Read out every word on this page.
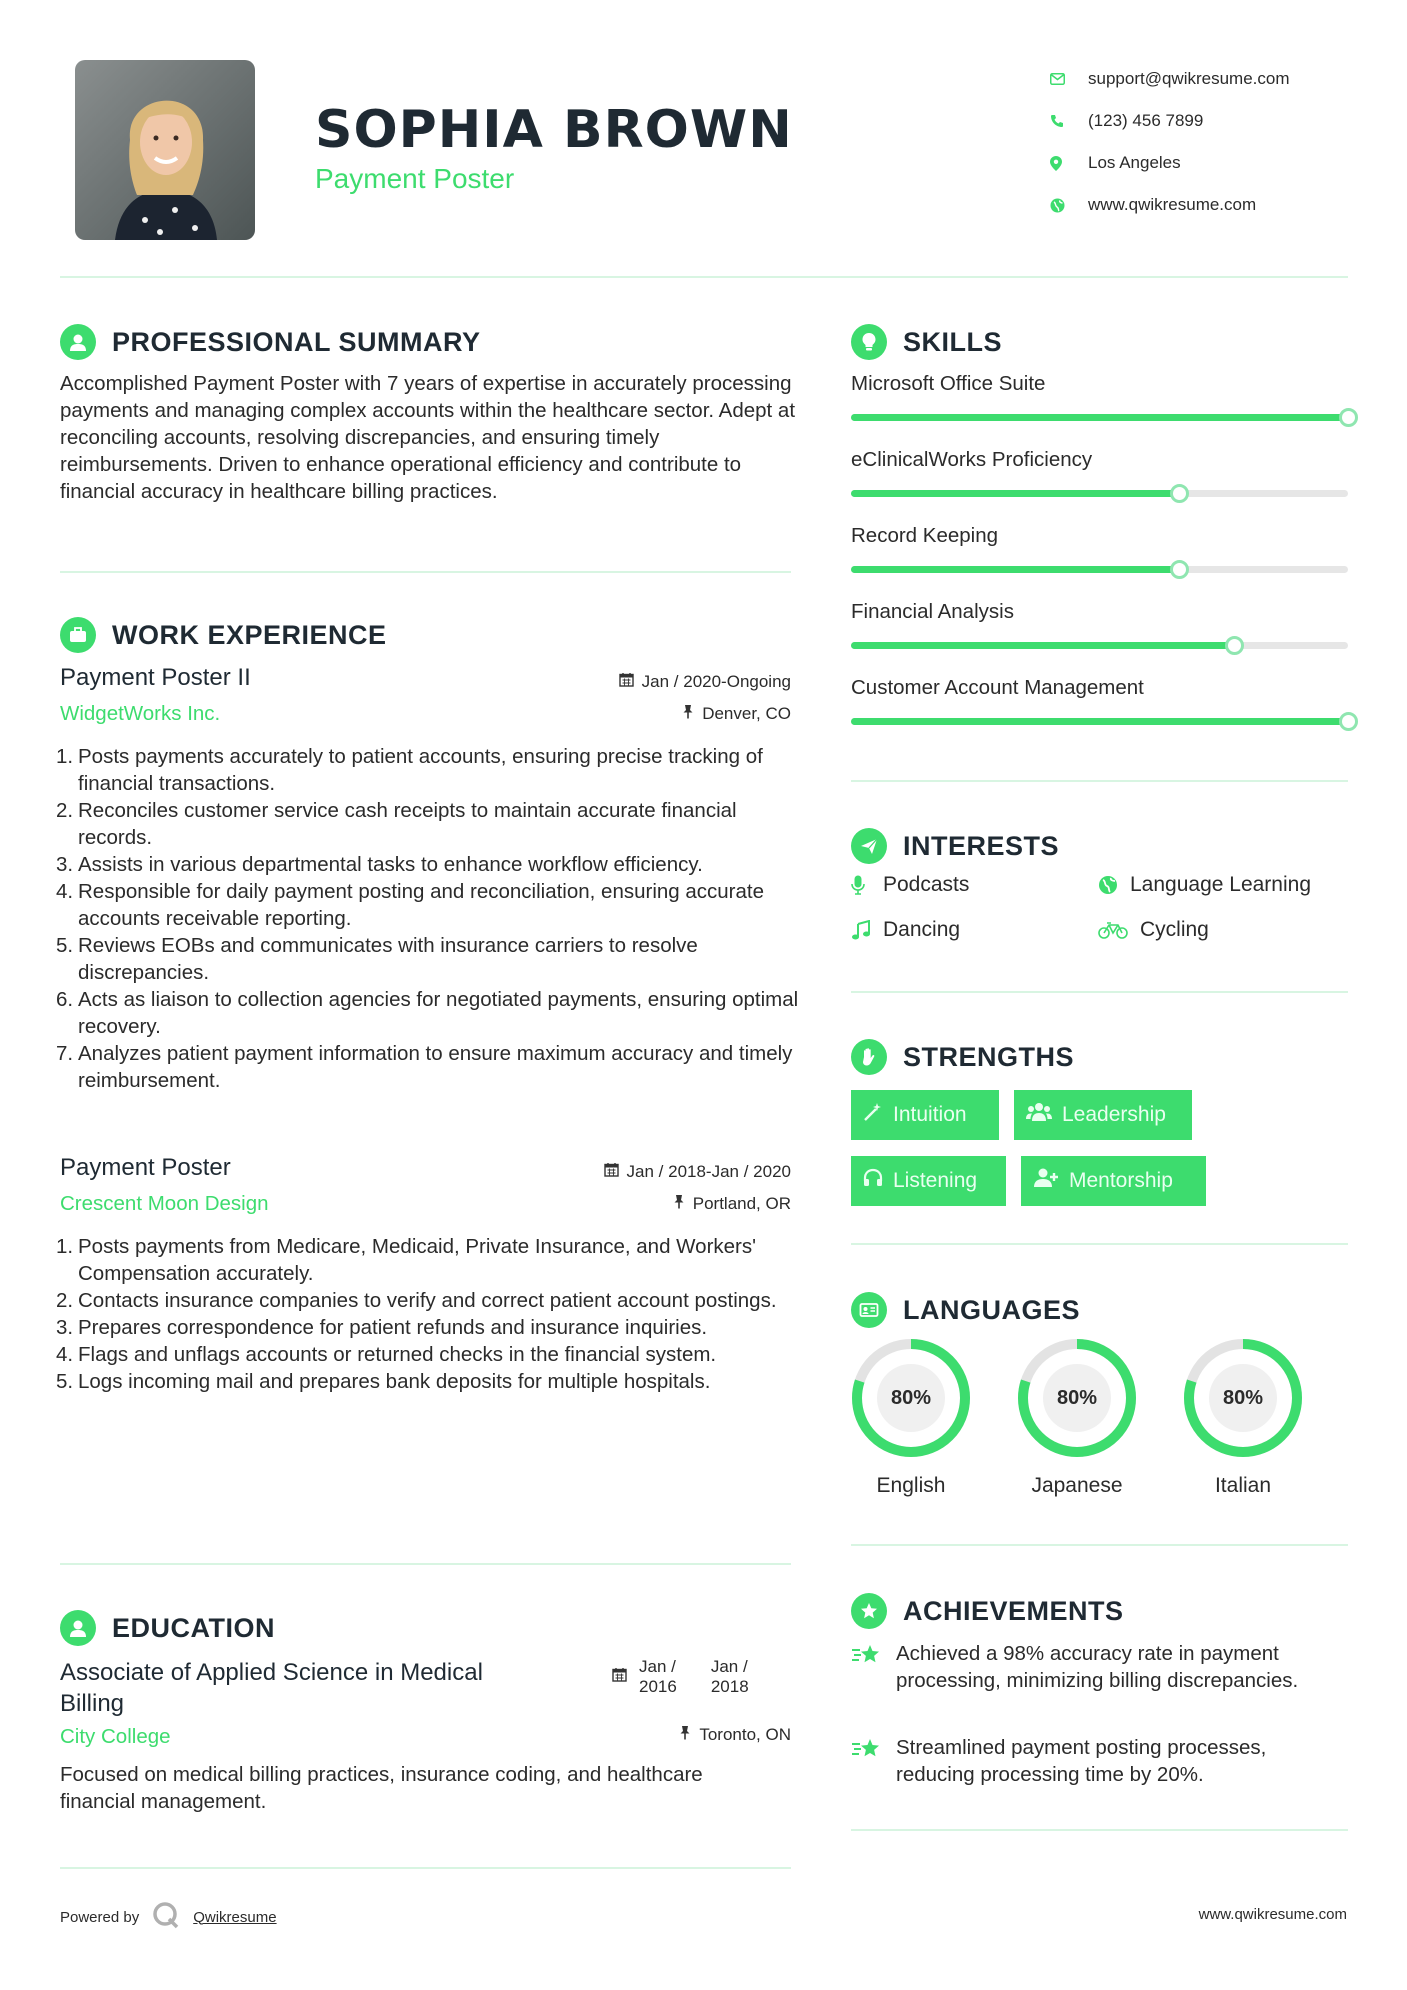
SOPHIA BROWN
Payment Poster
support@qwikresume.com
(123) 456 7899
Los Angeles
www.qwikresume.com
PROFESSIONAL SUMMARY
Accomplished Payment Poster with 7 years of expertise in accurately processing payments and managing complex accounts within the healthcare sector. Adept at reconciling accounts, resolving discrepancies, and ensuring timely reimbursements. Driven to enhance operational efficiency and contribute to financial accuracy in healthcare billing practices.
WORK EXPERIENCE
Payment Poster II	Jan / 2020-Ongoing
WidgetWorks Inc.	Denver, CO
Posts payments accurately to patient accounts, ensuring precise tracking of financial transactions.
Reconciles customer service cash receipts to maintain accurate financial records.
Assists in various departmental tasks to enhance workflow efficiency.
Responsible for daily payment posting and reconciliation, ensuring accurate accounts receivable reporting.
Reviews EOBs and communicates with insurance carriers to resolve discrepancies.
Acts as liaison to collection agencies for negotiated payments, ensuring optimal recovery.
Analyzes patient payment information to ensure maximum accuracy and timely reimbursement.
Payment Poster	Jan / 2018-Jan / 2020
Crescent Moon Design	Portland, OR
Posts payments from Medicare, Medicaid, Private Insurance, and Workers' Compensation accurately.
Contacts insurance companies to verify and correct patient account postings.
Prepares correspondence for patient refunds and insurance inquiries.
Flags and unflags accounts or returned checks in the financial system.
Logs incoming mail and prepares bank deposits for multiple hospitals.
EDUCATION
Associate of Applied Science in Medical
Billing
Jan /
2016
Jan /
2018
City College	Toronto, ON
Focused on medical billing practices, insurance coding, and healthcare financial management.
SKILLS
Microsoft Office Suite
eClinicalWorks Proficiency
Record Keeping
Financial Analysis
Customer Account Management
INTERESTS
Podcasts	Language Learning
Dancing	Cycling
STRENGTHS
Intuition	Leadership
Listening	Mentorship
LANGUAGES
80%
English
80%
Japanese
80%
Italian
ACHIEVEMENTS
Achieved a 98% accuracy rate in payment processing, minimizing billing discrepancies.
Streamlined payment posting processes, reducing processing time by 20%.
Powered by	Qwikresume	www.qwikresume.com
